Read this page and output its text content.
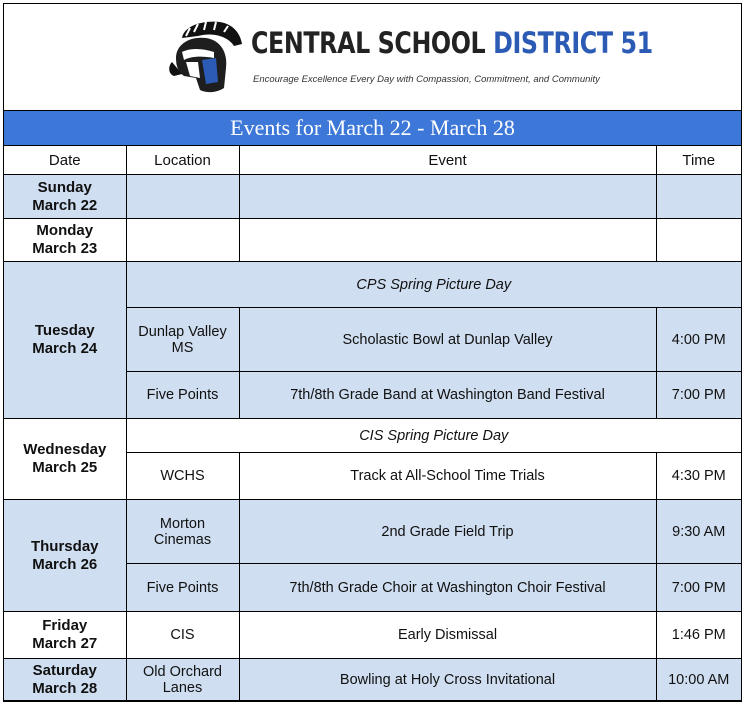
CENTRAL SCHOOL DISTRICT 51
Encourage Excellence Every Day with Compassion, Commitment, and Community
Events for March 22 - March 28
Date	Location	Event	Time

Sunday
March 22			

Monday
March 23			

Tuesday
March 24	CPS Spring Picture Day		
	Dunlap Valley MS	Scholastic Bowl at Dunlap Valley	4:00 PM
	Five Points	7th/8th Grade Band at Washington Band Festival	7:00 PM

Wednesday
March 25	CIS Spring Picture Day		
	WCHS	Track at All-School Time Trials	4:30 PM

Thursday
March 26	Morton Cinemas	2nd Grade Field Trip	9:30 AM
	Five Points	7th/8th Grade Choir at Washington Choir Festival	7:00 PM

Friday
March 27	CIS	Early Dismissal	1:46 PM

Saturday
March 28	Old Orchard Lanes	Bowling at Holy Cross Invitational	10:00 AM
